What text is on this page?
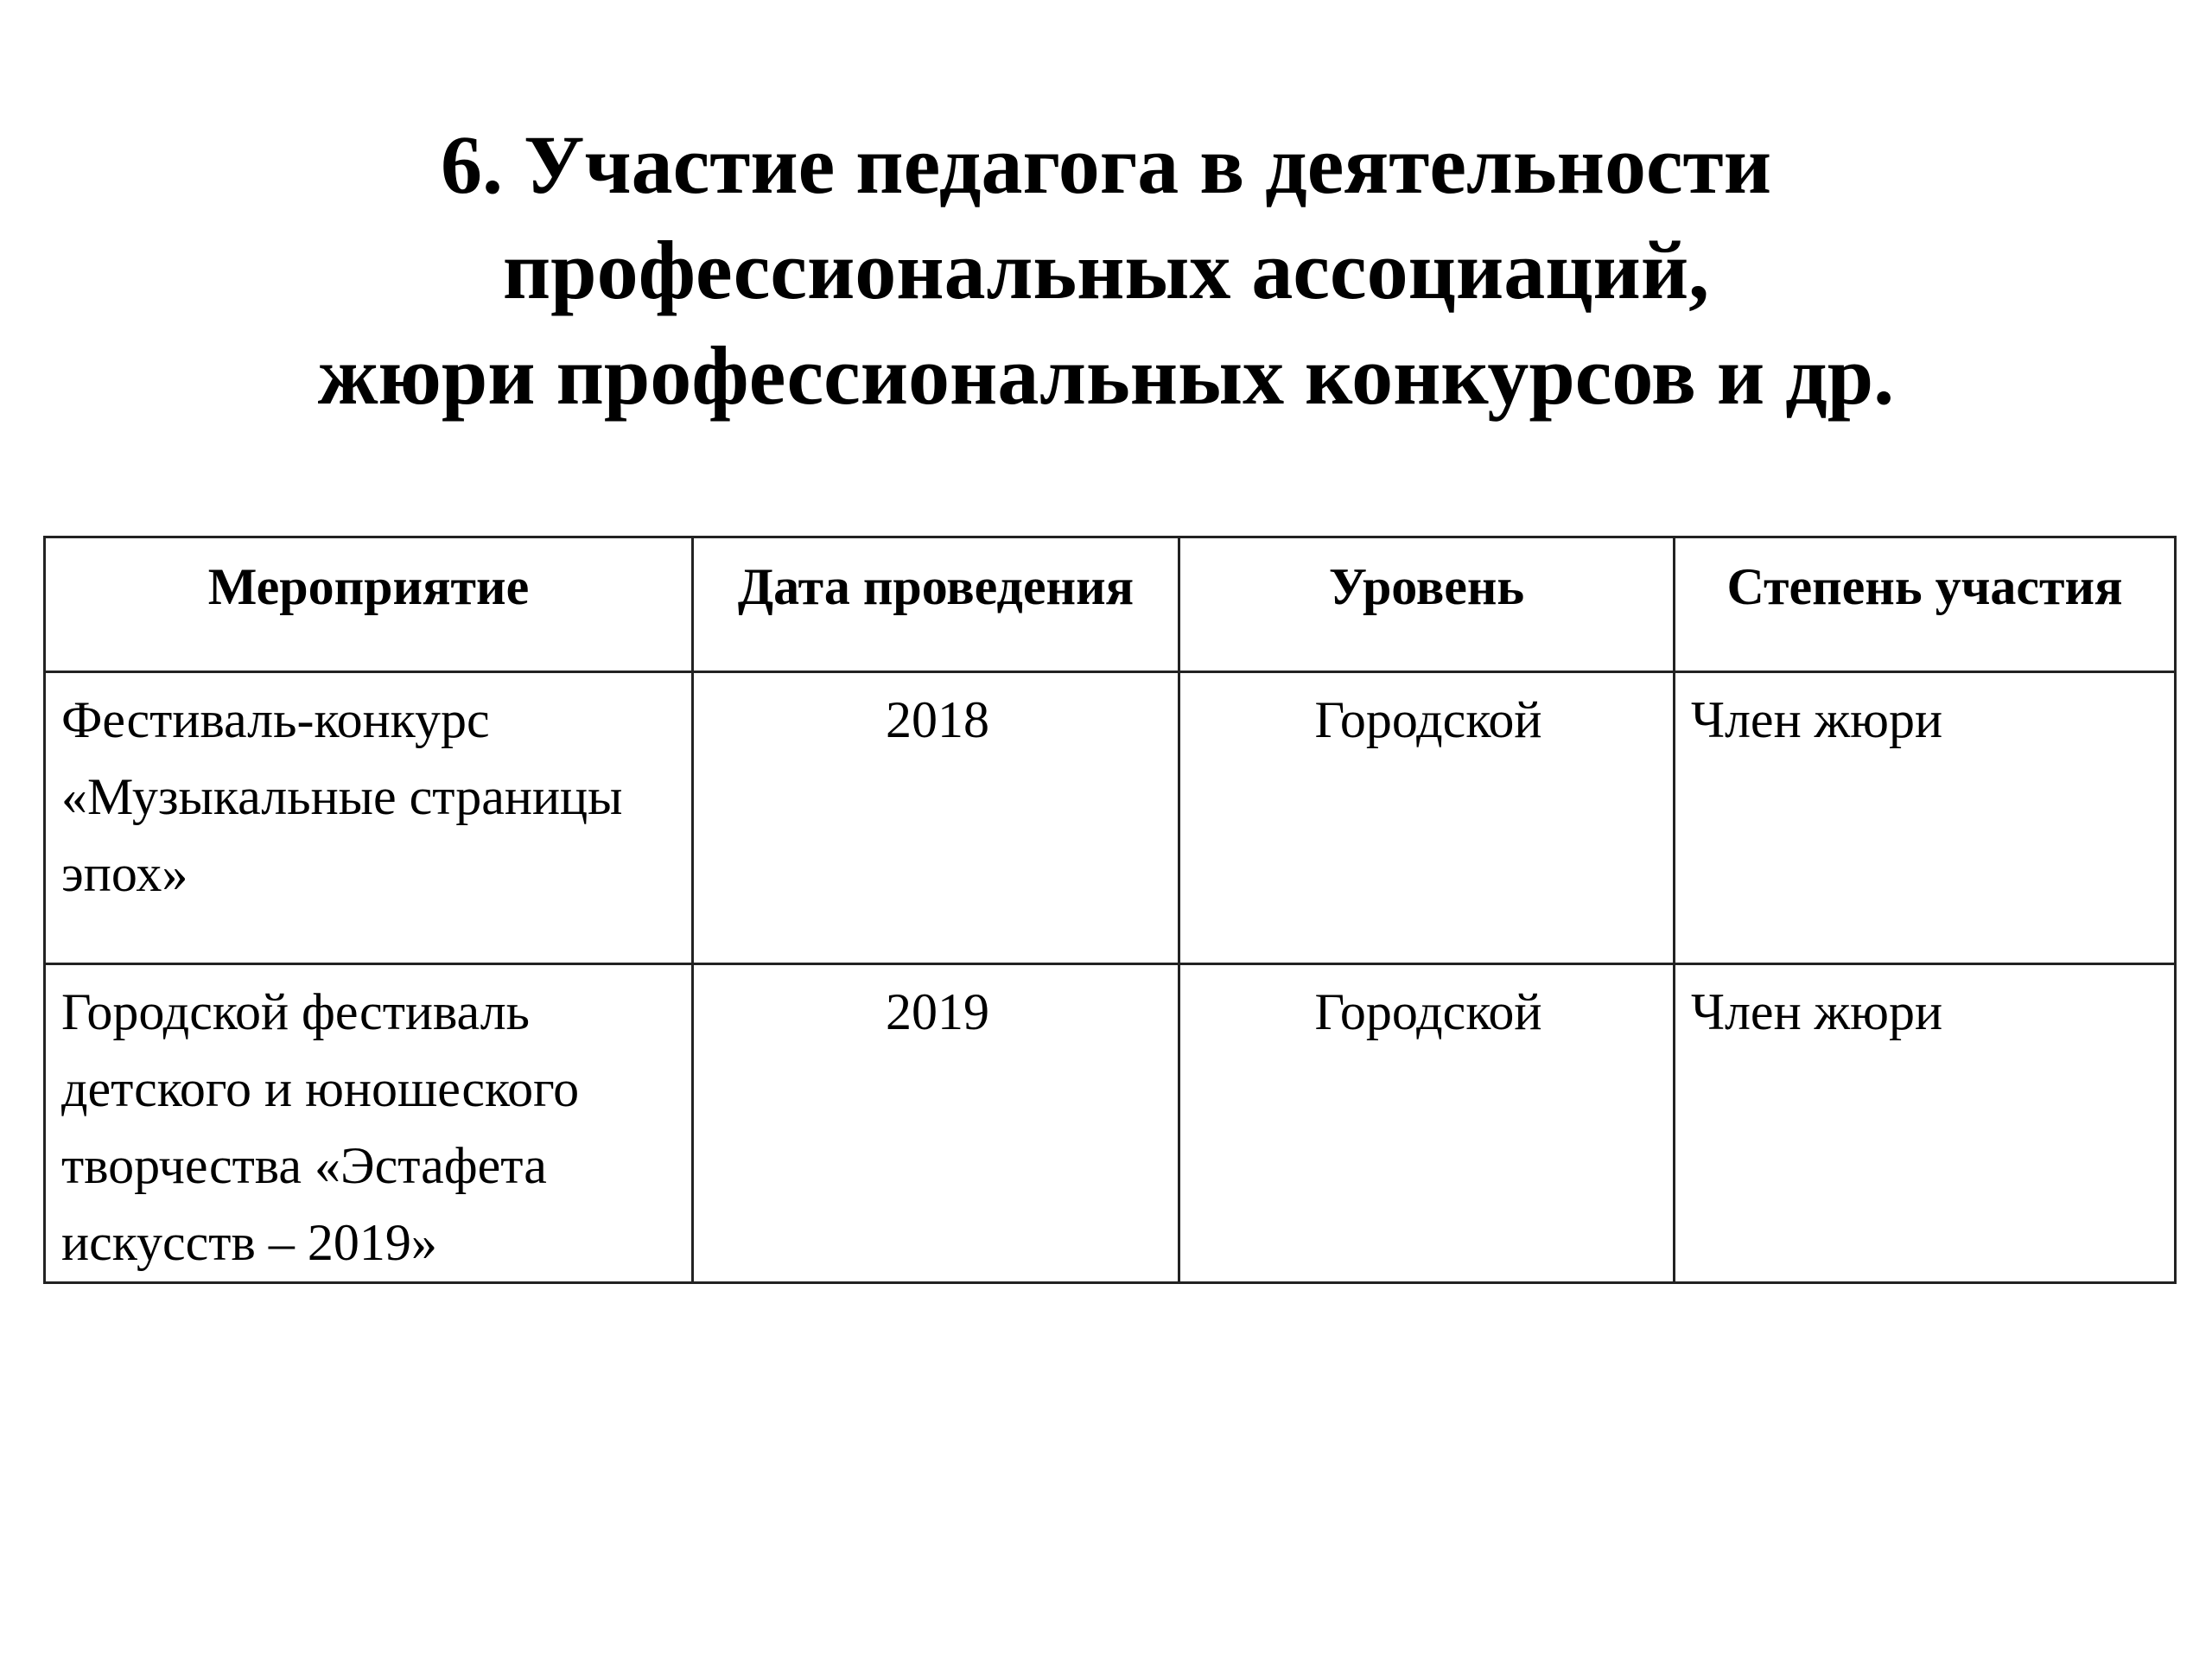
6. Участие педагога в деятельности
профессиональных ассоциаций,
жюри профессиональных конкурсов и др.
Мероприятие	Дата проведения	Уровень	Степень участия

Фестиваль-конкурс
«Музыкальные страницы
эпох»	2018	Городской	Член жюри

Городской фестиваль
детского и юношеского
творчества «Эстафета
искусств – 2019»	2019	Городской	Член жюри
